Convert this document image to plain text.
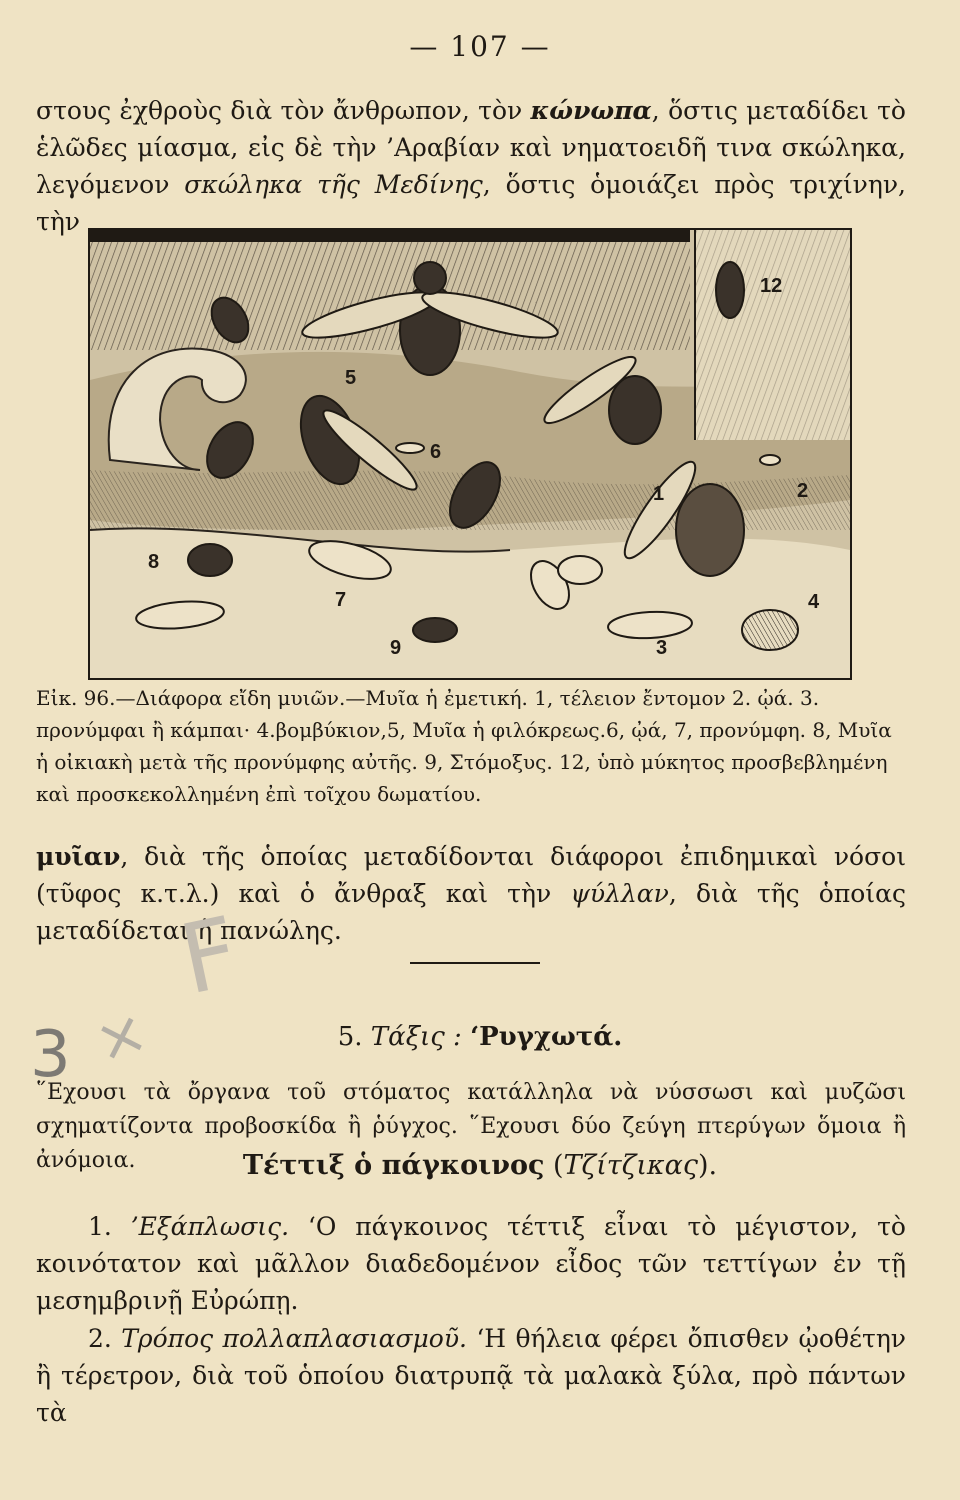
— 107 —

στους ἐχθροὺς διὰ τὸν ἄνθρωπον, τὸν κώνωπα, ὅστις μεταδίδει τὸ ἑλῶδες μίασμα, εἰς δὲ τὴν ’Αραβίαν καὶ νηματοειδῆ τινα σκώληκα, λεγόμενον σκώληκα τῆς Μεδίνης, ὅστις ὁμοιάζει πρὸς τριχίνην, τὴν

1	2
3
4
5
6
7
8
9
12
Εἰκ. 96.—Διάφορα εἴδη μυιῶν.—Μυῖα ἡ ἐμετική. 1, τέλειον ἔντομον 2. ᾠά. 3. προνύμφαι ἢ κάμπαι· 4.βομβύκιον,5, Μυῖα ἡ φιλόκρεως.6, ᾠά, 7, προνύμφη. 8, Μυῖα ἡ οἰκιακὴ μετὰ τῆς προνύμφης αὐτῆς. 9, Στόμοξυς. 12, ὑπὸ μύκητος προσβεβλημένη καὶ προσκεκολλημένη ἐπὶ τοῖχου δωματίου.

μυῖαν, διὰ τῆς ὁποίας μεταδίδονται διάφοροι ἐπιδημικαὶ νόσοι (τῦφος κ.τ.λ.) καὶ ὁ ἄνθραξ καὶ τὴν ψύλλαν, διὰ τῆς ὁποίας μεταδίδεται ἡ πανώλης.

F
×
3	5. Τάξις : ‘Ρυγχωτά.

῞Εχουσι τὰ ὄργανα τοῦ στόματος κατάλληλα νὰ νύσσωσι καὶ μυζῶσι σχηματίζοντα προβοσκίδα ἢ ῥύγχος. ῞Εχουσι δύο ζεύγη πτερύγων ὅμοια ἢ ἀνόμοια.	Τέττιξ ὁ πάγκοινος (Τζίτζικας).

1. ’Εξάπλωσις. ‘Ο πάγκοινος τέττιξ εἶναι τὸ μέγιστον, τὸ κοινότατον καὶ μᾶλλον διαδεδομένον εἶδος τῶν τεττίγων ἐν τῇ μεσημβρινῇ Εὐρώπῃ.

2. Τρόπος πολλαπλασιασμοῦ. ‘Η θήλεια φέρει ὄπισθεν ᾠοθέτην ἢ τέρετρον, διὰ τοῦ ὁποίου διατρυπᾷ τὰ μαλακὰ ξύλα, πρὸ πάντων τὰ
